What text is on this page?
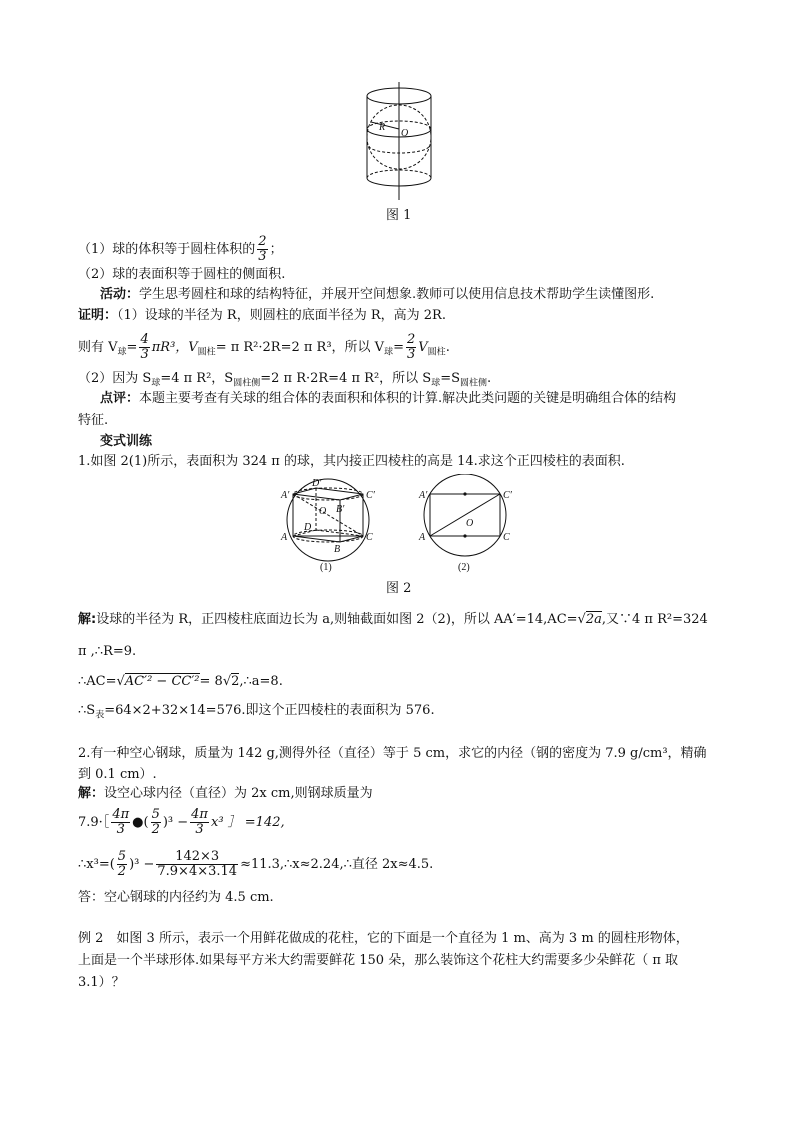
R
O
图 1
（1）球的体积等于圆柱体积的 $\frac{2}{3}$ ；
（2）球的表面积等于圆柱的侧面积.
活动：学生思考圆柱和球的结构特征，并展开空间想象.教师可以使用信息技术帮助学生读懂图形.
证明：（1）设球的半径为 R，则圆柱的底面半径为 R，高为 2R.
则有 $V_球= \frac{4}{3} \pi R^3$，$V_{圆柱}= \pi$ R²·2R=2 π R³，所以 $V_球= \frac{2}{3} V_{圆柱}$.
（2）因为 $S_球=4$ π R²，$S_{圆柱侧}=2$ π R·2R=4 π R²，所以 $S_球=S_{圆柱侧}$.
点评：本题主要考查有关球的组合体的表面积和体积的计算.解决此类问题的关键是明确组合体的结构
特征.
变式训练
1.如图 2(1)所示，表面积为 324 π 的球，其内接正四棱柱的高是 14.求这个正四棱柱的表面积.
A′
D′
C′
O B′
D
A	C
B
(1)
A′	C′
O
A	C
(2)
图 2
解:设球的半径为 R，正四棱柱底面边长为 a,则轴截面如图 2（2)，所以 AA′=14,AC=√2a,又∵4 π R²=324
π ,∴R=9.
∴AC=√AC′² − CC′²= 8√2,∴a=8.
$\therefore S_表=64\times 2+32\times 14=576$.即这个正四棱柱的表面积为 576.
2.有一种空心钢球，质量为 142 g,测得外径（直径）等于 5 cm，求它的内径（钢的密度为 7.9 g/cm³，精确
到 0.1 cm）.
解：设空心球内径（直径）为 2x cm,则钢球质量为
7.9·［ $\frac{4\pi}{3}$ ●( $\frac{5}{2} )^3 - \frac{4\pi}{3} x^3$ ］ =142,
∴x³=( $\frac{5}{2} )^3 - \frac{142\times 3}{7.9\times 4\times 3.14}$ ≈11.3,∴x≈2.24,∴直径 2x≈4.5.
答：空心钢球的内径约为 4.5 cm.
例 2　如图 3 所示，表示一个用鲜花做成的花柱，它的下面是一个直径为 1 m、高为 3 m 的圆柱形物体，
上面是一个半球形体.如果每平方米大约需要鲜花 150 朵，那么装饰这个花柱大约需要多少朵鲜花（ π 取
3.1）？
